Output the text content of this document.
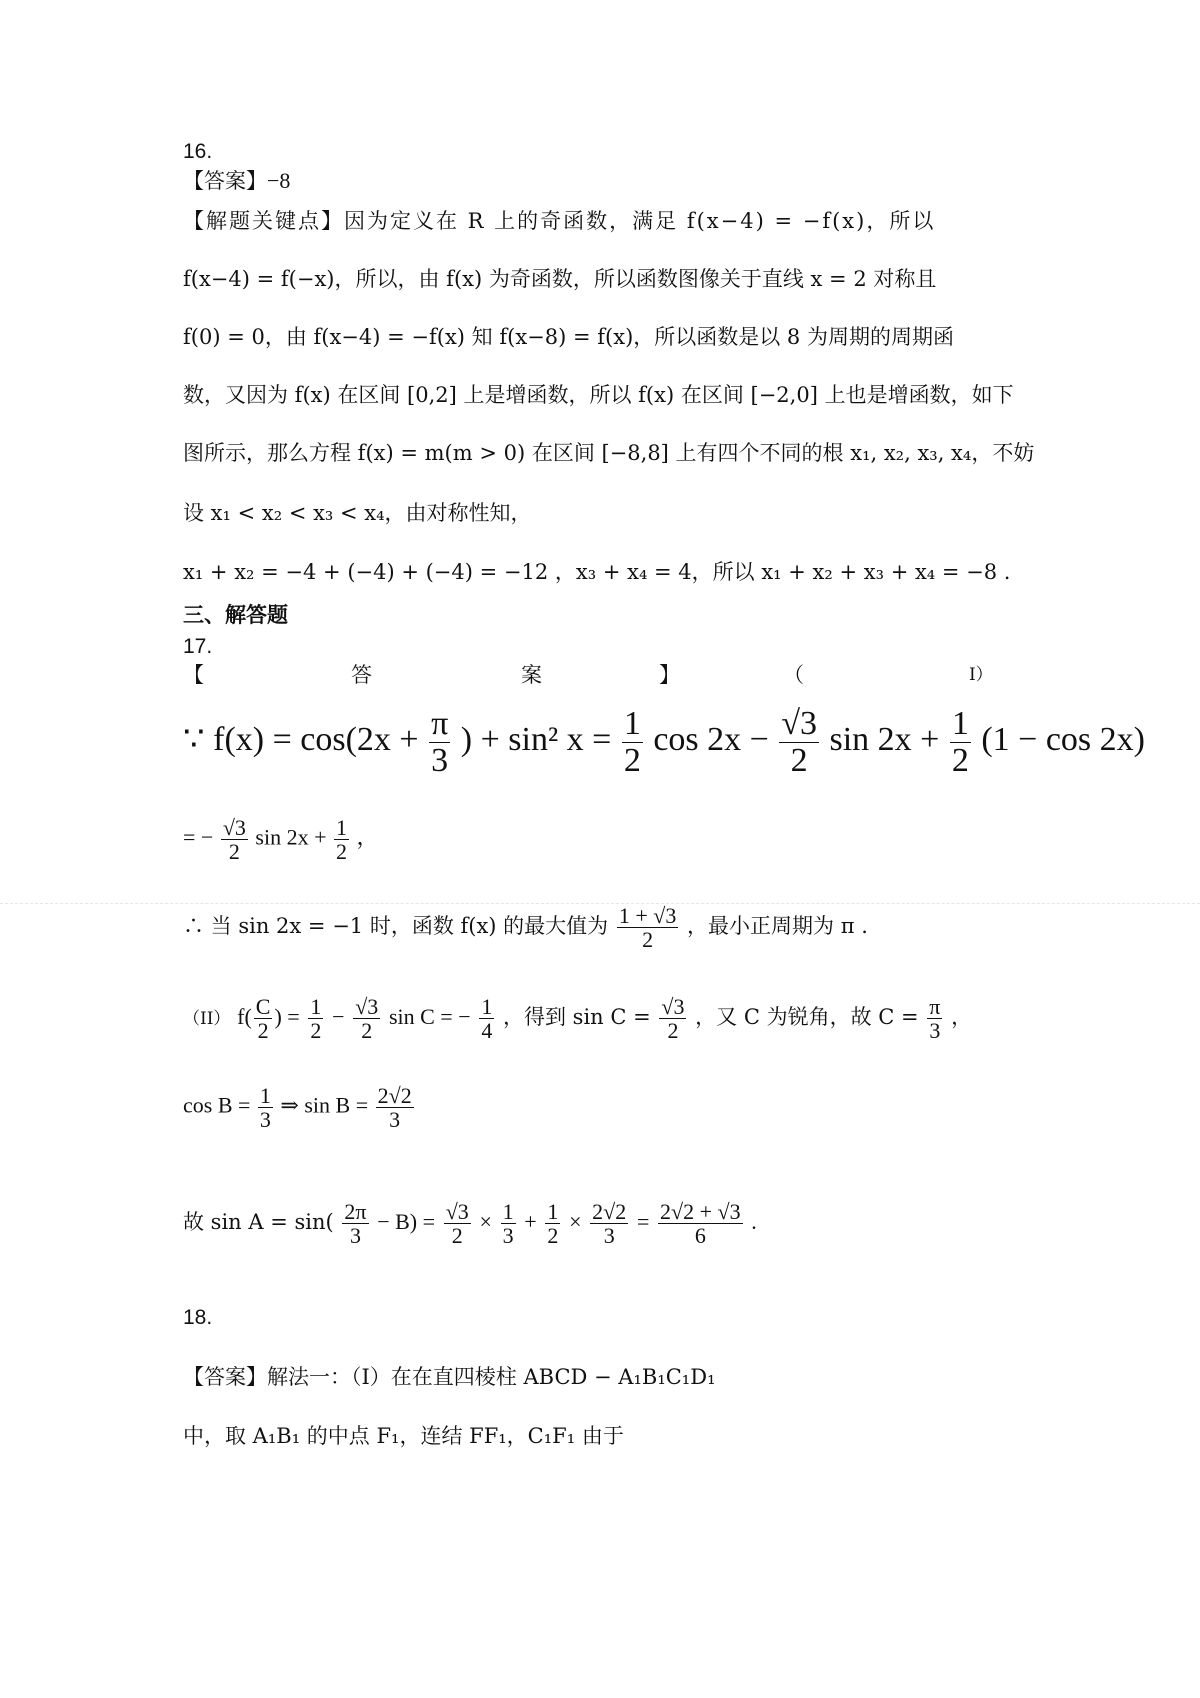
16.
【答案】−8
【解题关键点】因为定义在 R 上的奇函数，满足 f(x−4) = −f(x)，所以
f(x−4) = f(−x)，所以，由 f(x) 为奇函数，所以函数图像关于直线 x = 2 对称且
f(0) = 0，由 f(x−4) = −f(x) 知 f(x−8) = f(x)，所以函数是以 8 为周期的周期函
数，又因为 f(x) 在区间 [0,2] 上是增函数，所以 f(x) 在区间 [−2,0] 上也是增函数，如下
图所示，那么方程 f(x) = m(m > 0) 在区间 [−8,8] 上有四个不同的根 x₁, x₂, x₃, x₄，不妨
设 x₁ < x₂ < x₃ < x₄，由对称性知，
x₁ + x₂ = −4 + (−4) + (−4) = −12 ，x₃ + x₄ = 4，所以 x₁ + x₂ + x₃ + x₄ = −8 .
三、解答题
17.
【	答	案	】	（	I）
∵ $f(x) = \cos(2x + \frac{\pi}{3}$ ) + sin² $x = \frac{1}{2}$ $\cos 2x - \frac{√3}{2}$ $\sin 2x + \frac{1}{2} (1 - \cos 2x)$
= − $\frac{√3}{2}$ $\sin 2x + \frac{1}{2}$ ，
∴ 当 sin 2x = −1 时，函数 f(x) 的最大值为 $\frac{1 + √3}{2}$ ，最小正周期为 π .
（II） $f( \frac{C}{2}$ ) = $\frac{1}{2} - \frac{√3}{2}$ sin C = − $\frac{1}{4}$ ，得到 $\sin C = \frac{√3}{2}$ ，又 C 为锐角，故 $C = \frac{\pi}{3}$ ，
$\cos B = \frac{1}{3}$ ⇒ $\sin B = \frac{2√2}{3}$
故 $\sin A = \sin( \frac{2\pi}{3} - B) = \frac{√3}{2} \times \frac{1}{3} + \frac{1}{2} \times \frac{2√2}{3} = \frac{2√2 + √3}{6}$ .
18.
【答案】解法一：（I）在在直四棱柱 ABCD − A₁B₁C₁D₁
中，取 A₁B₁ 的中点 F₁，连结 FF₁，C₁F₁ 由于
